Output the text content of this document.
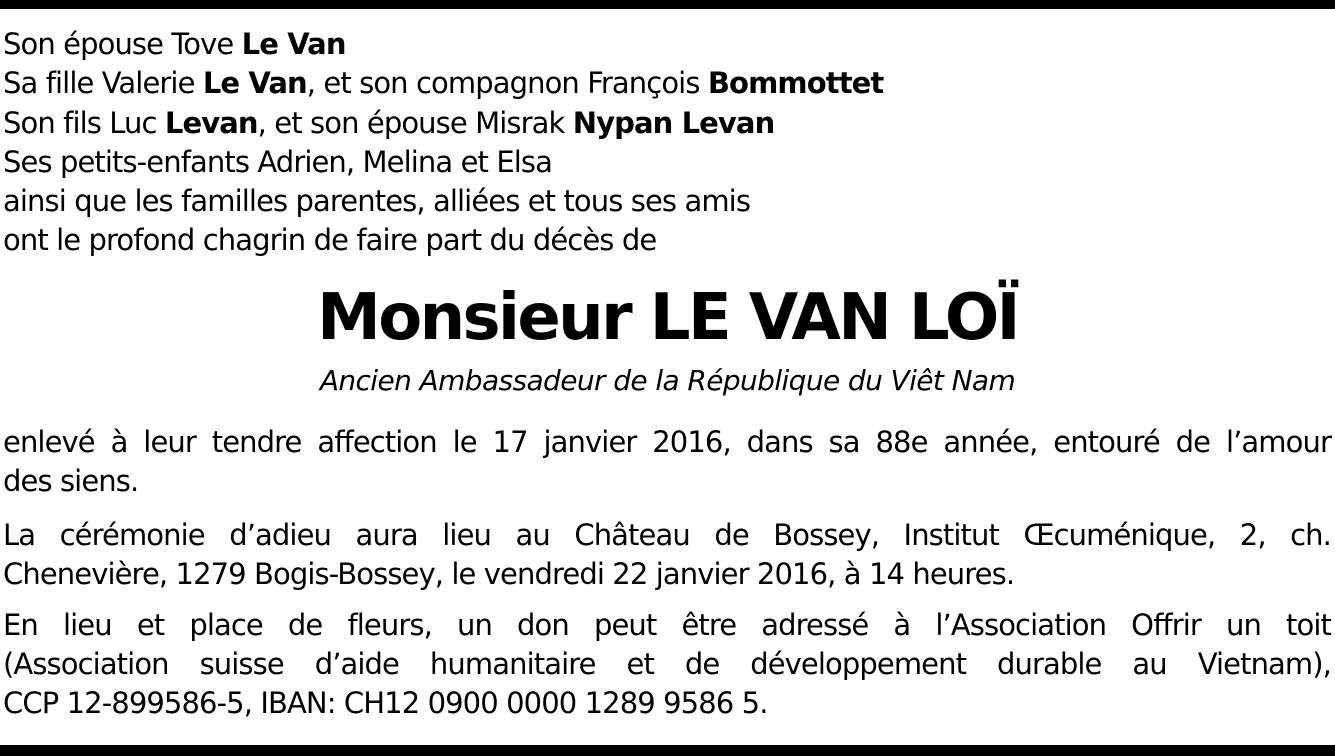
Son épouse Tove Le Van
Sa fille Valerie Le Van, et son compagnon François Bommottet
Son fils Luc Levan, et son épouse Misrak Nypan Levan
Ses petits-enfants Adrien, Melina et Elsa
ainsi que les familles parentes, alliées et tous ses amis
ont le profond chagrin de faire part du décès de
Monsieur LE VAN LOÏ
Ancien Ambassadeur de la République du Viêt Nam
enlevé à leur tendre affection le 17 janvier 2016, dans sa 88e année, entouré de l’amour
des siens.
La cérémonie d’adieu aura lieu au Château de Bossey, Institut Œcuménique, 2, ch.
Chenevière, 1279 Bogis-Bossey, le vendredi 22 janvier 2016, à 14 heures.
En lieu et place de fleurs, un don peut être adressé à l’Association Offrir un toit
(Association suisse d’aide humanitaire et de développement durable au Vietnam),
CCP 12-899586-5, IBAN: CH12 0900 0000 1289 9586 5.
